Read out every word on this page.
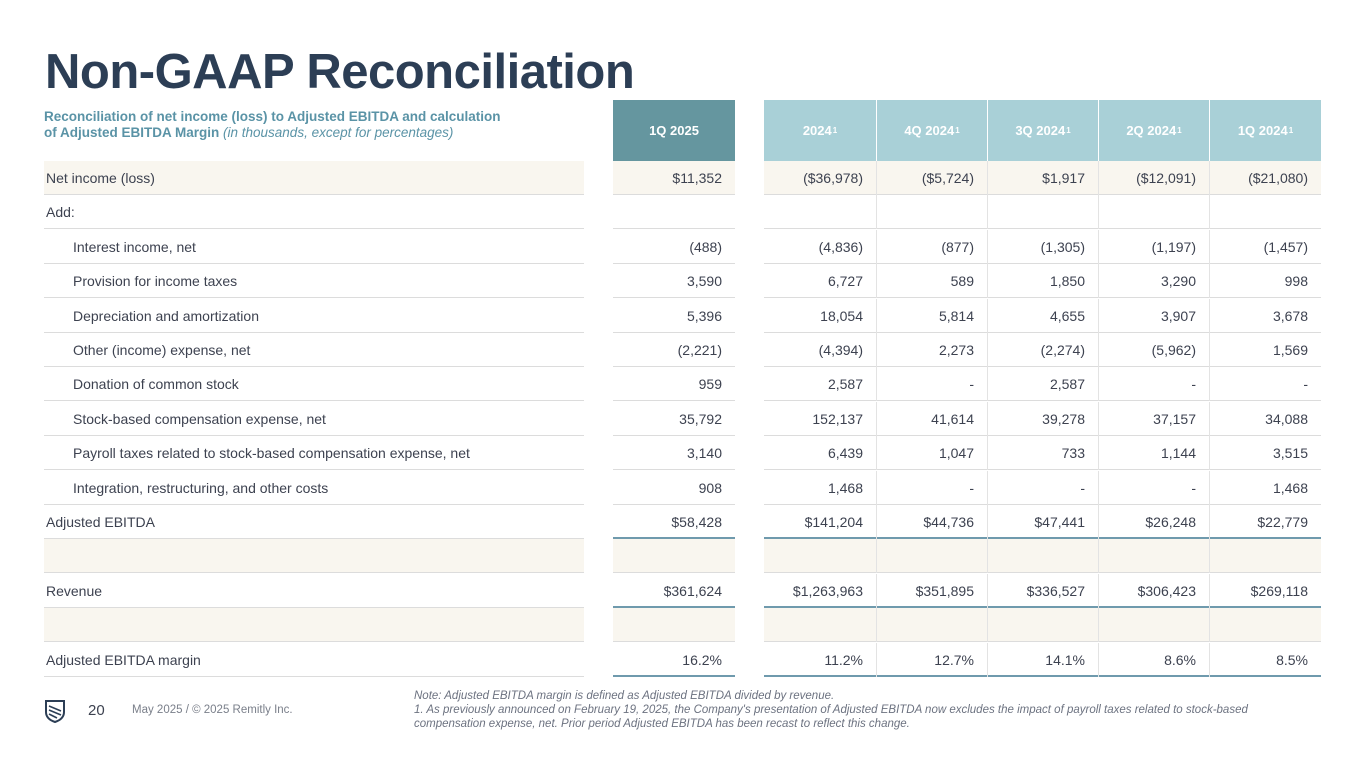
Non-GAAP Reconciliation
Reconciliation of net income (loss) to Adjusted EBITDA and calculation of Adjusted EBITDA Margin (in thousands, except for percentages)	1Q 2025	2024 1	4Q 2024 1	3Q 2024 1	2Q 2024 1	1Q 2024 1
Net income (loss)	$11,352	($36,978)	($5,724)	$1,917	($12,091)	($21,080)
Add:
Interest income, net	(488)	(4,836)	(877)	(1,305)	(1,197)	(1,457)
Provision for income taxes	3,590	6,727	589	1,850	3,290	998
Depreciation and amortization	5,396	18,054	5,814	4,655	3,907	3,678
Other (income) expense, net	(2,221)	(4,394)	2,273	(2,274)	(5,962)	1,569
Donation of common stock	959	2,587	-	2,587	-	-
Stock-based compensation expense, net	35,792	152,137	41,614	39,278	37,157	34,088
Payroll taxes related to stock-based compensation expense, net	3,140	6,439	1,047	733	1,144	3,515
Integration, restructuring, and other costs	908	1,468	-	-	-	1,468
Adjusted EBITDA	$58,428	$141,204	$44,736	$47,441	$26,248	$22,779
Revenue	$361,624	$1,263,963	$351,895	$336,527	$306,423	$269,118
Adjusted EBITDA margin	16.2%	11.2%	12.7%	14.1%	8.6%	8.5%
20 May 2025 / © 2025 Remitly Inc.
Note: Adjusted EBITDA margin is defined as Adjusted EBITDA divided by revenue.
1. As previously announced on February 19, 2025, the Company's presentation of Adjusted EBITDA now excludes the impact of payroll taxes related to stock-based compensation expense, net. Prior period Adjusted EBITDA has been recast to reflect this change.
